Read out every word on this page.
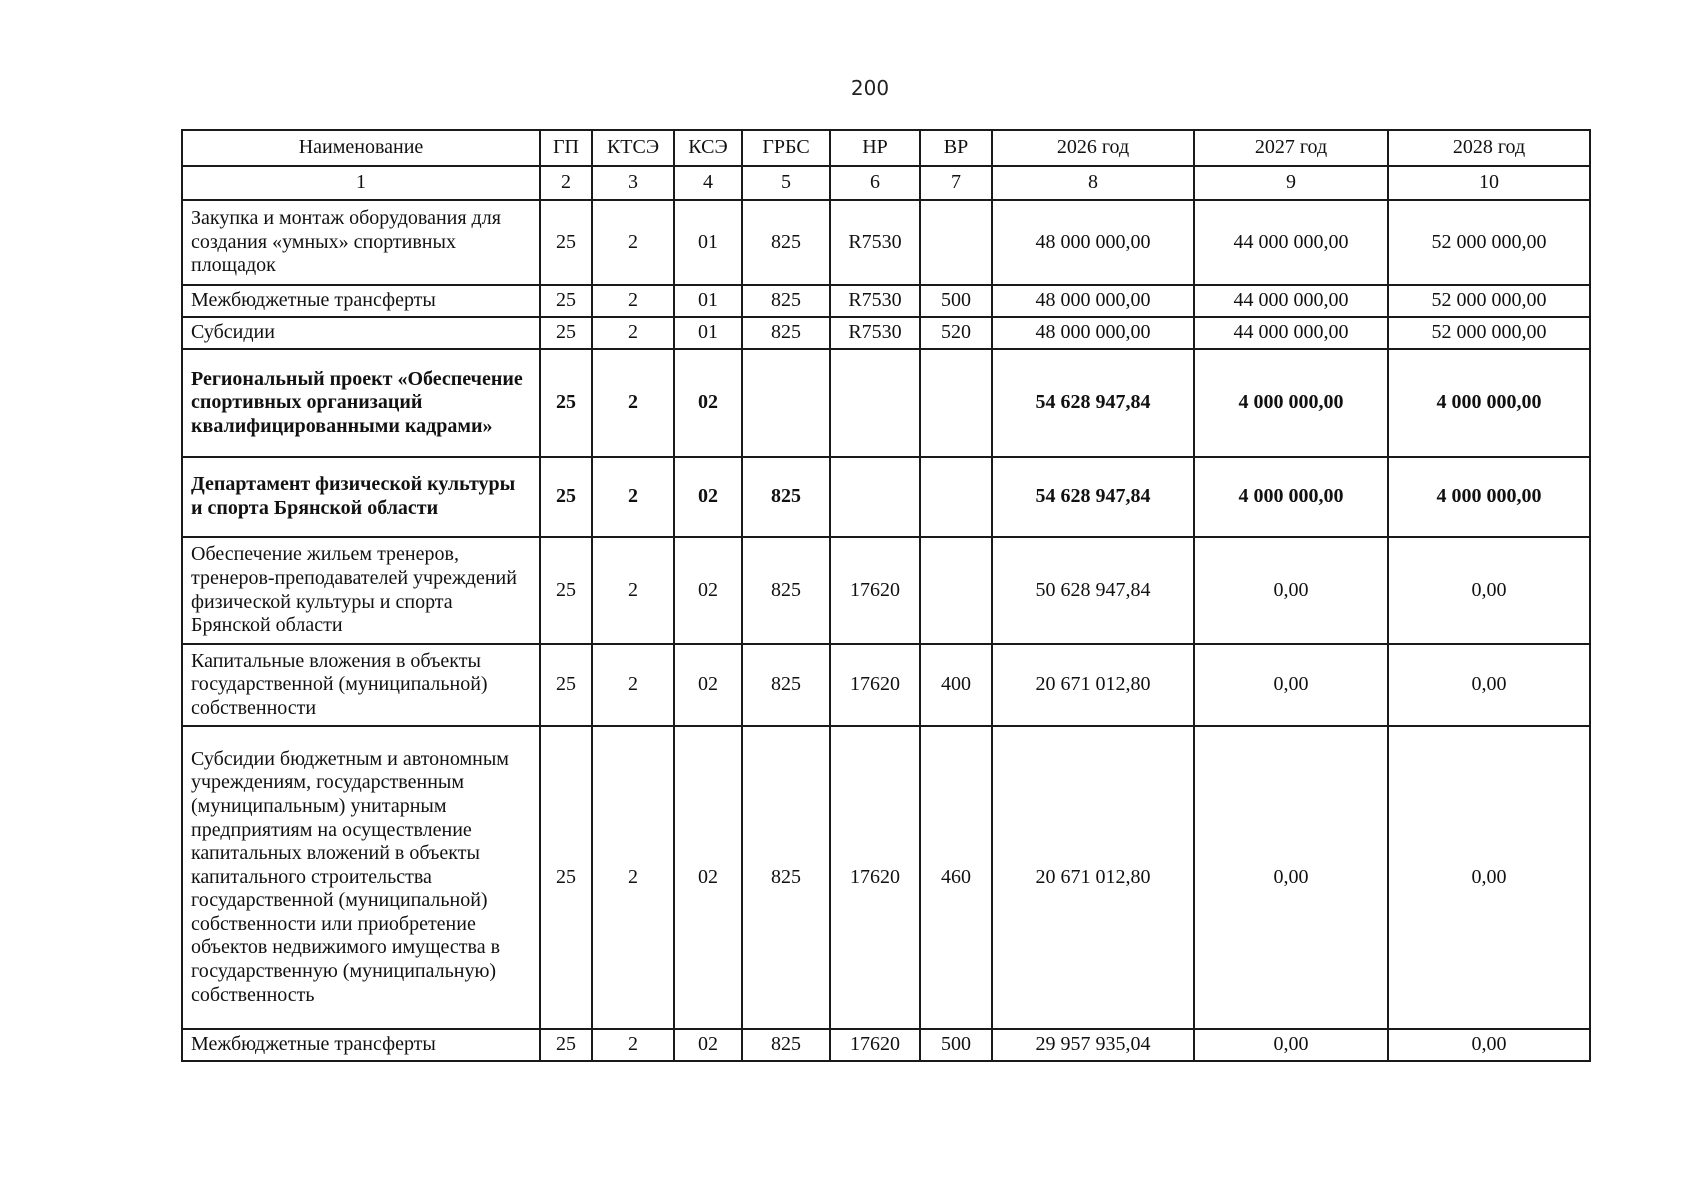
200
Наименование	ГП	КТСЭ	КСЭ	ГРБС	НР	ВР	2026 год	2027 год	2028 год
1	2	3	4	5	6	7	8	9	10
Закупка и монтаж оборудования для создания «умных» спортивных площадок	25	2	01	825	R7530		48 000 000,00	44 000 000,00	52 000 000,00
Межбюджетные трансферты	25	2	01	825	R7530	500	48 000 000,00	44 000 000,00	52 000 000,00
Субсидии	25	2	01	825	R7530	520	48 000 000,00	44 000 000,00	52 000 000,00
Региональный проект «Обеспечение спортивных организаций квалифицированными кадрами»	25	2	02				54 628 947,84	4 000 000,00	4 000 000,00
Департамент физической культуры и спорта Брянской области	25	2	02	825			54 628 947,84	4 000 000,00	4 000 000,00
Обеспечение жильем тренеров, тренеров-преподавателей учреждений физической культуры и спорта Брянской области	25	2	02	825	17620		50 628 947,84	0,00	0,00
Капитальные вложения в объекты государственной (муниципальной) собственности	25	2	02	825	17620	400	20 671 012,80	0,00	0,00
Субсидии бюджетным и автономным учреждениям, государственным (муниципальным) унитарным предприятиям на осуществление капитальных вложений в объекты капитального строительства государственной (муниципальной) собственности или приобретение объектов недвижимого имущества в государственную (муниципальную) собственность	25	2	02	825	17620	460	20 671 012,80	0,00	0,00
Межбюджетные трансферты	25	2	02	825	17620	500	29 957 935,04	0,00	0,00
